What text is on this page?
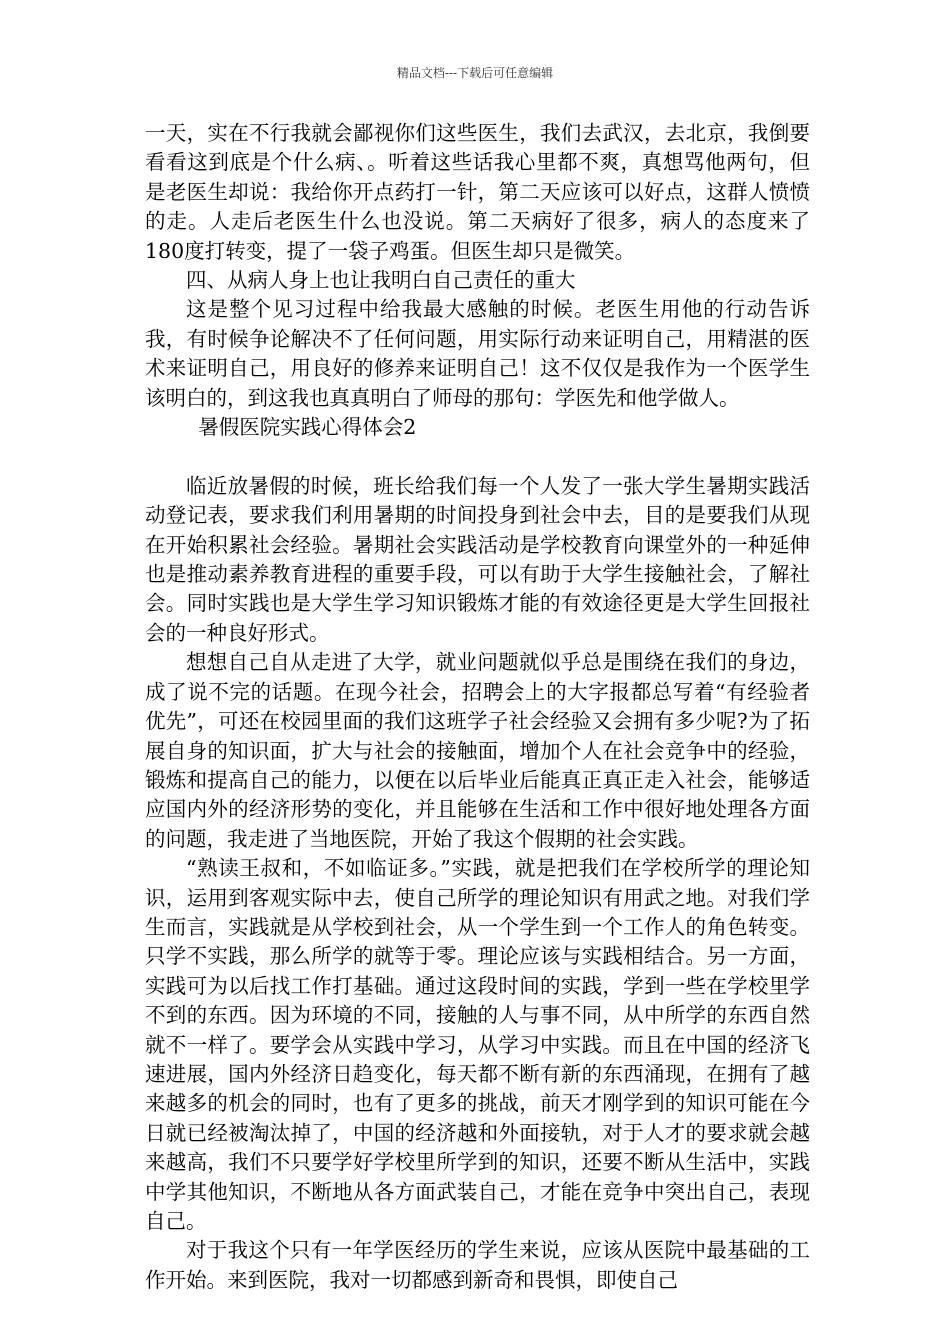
精品文档---下载后可任意编辑

一天，实在不行我就会鄙视你们这些医生，我们去武汉，去北京，我倒要看看这到底是个什么病、。听着这些话我心里都不爽，真想骂他两句，但是老医生却说：我给你开点药打一针，第二天应该可以好点，这群人愤愤的走。人走后老医生什么也没说。第二天病好了很多，病人的态度来了180度打转变，提了一袋子鸡蛋。但医生却只是微笑。

四、从病人身上也让我明白自己责任的重大

这是整个见习过程中给我最大感触的时候。老医生用他的行动告诉我，有时候争论解决不了任何问题，用实际行动来证明自己，用精湛的医术来证明自己，用良好的修养来证明自己！这不仅仅是我作为一个医学生该明白的，到这我也真真明白了师母的那句：学医先和他学做人。

暑假医院实践心得体会2

临近放暑假的时候，班长给我们每一个人发了一张大学生暑期实践活动登记表，要求我们利用暑期的时间投身到社会中去，目的是要我们从现在开始积累社会经验。暑期社会实践活动是学校教育向课堂外的一种延伸也是推动素养教育进程的重要手段，可以有助于大学生接触社会，了解社会。同时实践也是大学生学习知识锻炼才能的有效途径更是大学生回报社会的一种良好形式。

想想自己自从走进了大学，就业问题就似乎总是围绕在我们的身边，成了说不完的话题。在现今社会，招聘会上的大字报都总写着“有经验者优先”，可还在校园里面的我们这班学子社会经验又会拥有多少呢?为了拓展自身的知识面，扩大与社会的接触面，增加个人在社会竞争中的经验，锻炼和提高自己的能力，以便在以后毕业后能真正真正走入社会，能够适应国内外的经济形势的变化，并且能够在生活和工作中很好地处理各方面的问题，我走进了当地医院，开始了我这个假期的社会实践。

“熟读王叔和，不如临证多。”实践，就是把我们在学校所学的理论知识，运用到客观实际中去，使自己所学的理论知识有用武之地。对我们学生而言，实践就是从学校到社会，从一个学生到一个工作人的角色转变。只学不实践，那么所学的就等于零。理论应该与实践相结合。另一方面，实践可为以后找工作打基础。通过这段时间的实践，学到一些在学校里学不到的东西。因为环境的不同，接触的人与事不同，从中所学的东西自然就不一样了。要学会从实践中学习，从学习中实践。而且在中国的经济飞速进展，国内外经济日趋变化，每天都不断有新的东西涌现，在拥有了越来越多的机会的同时，也有了更多的挑战，前天才刚学到的知识可能在今日就已经被淘汰掉了，中国的经济越和外面接轨，对于人才的要求就会越来越高，我们不只要学好学校里所学到的知识，还要不断从生活中，实践中学其他知识，不断地从各方面武装自己，才能在竞争中突出自己，表现自己。

对于我这个只有一年学医经历的学生来说，应该从医院中最基础的工作开始。来到医院，我对一切都感到新奇和畏惧，即使自己
